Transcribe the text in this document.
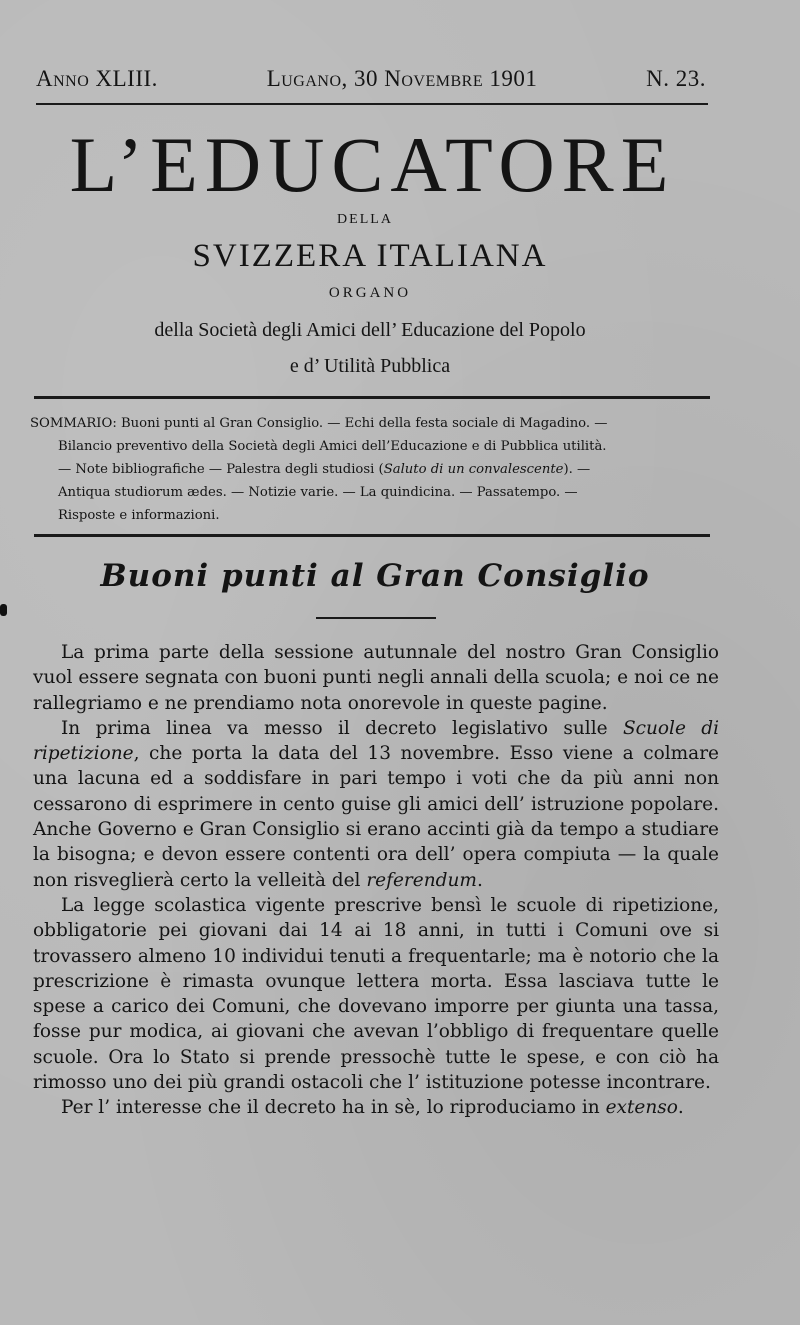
Anno XLIII.	Lugano, 30 Novembre 1901	N. 23.
L’EDUCATORE
DELLA
SVIZZERA ITALIANA
ORGANO
della Società degli Amici dell’ Educazione del Popolo
e d’ Utilità Pubblica
SOMMARIO: Buoni punti al Gran Consiglio. — Echi della festa sociale di Magadino. —
Bilancio preventivo della Società degli Amici dell’Educazione e di Pubblica utilità.
— Note bibliografiche — Palestra degli studiosi (Saluto di un convalescente). —
Antiqua studiorum ædes. — Notizie varie. — La quindicina. — Passatempo. —
Risposte e informazioni.
Buoni punti al Gran Consiglio

La prima parte della sessione autunnale del nostro Gran Consiglio vuol essere segnata con buoni punti negli annali della scuola; e noi ce ne rallegriamo e ne prendiamo nota onorevole in queste pagine.

In prima linea va messo il decreto legislativo sulle Scuole di ripetizione, che porta la data del 13 novembre. Esso viene a colmare una lacuna ed a soddisfare in pari tempo i voti che da più anni non cessarono di esprimere in cento guise gli amici dell’ istruzione popolare. Anche Governo e Gran Consiglio si erano accinti già da tempo a studiare la bisogna; e devon essere contenti ora dell’ opera compiuta — la quale non risveglierà certo la velleità del referendum.

La legge scolastica vigente prescrive bensì le scuole di ripetizione, obbligatorie pei giovani dai 14 ai 18 anni, in tutti i Comuni ove si trovassero almeno 10 individui tenuti a frequentarle; ma è notorio che la prescrizione è rimasta ovunque lettera morta. Essa lasciava tutte le spese a carico dei Comuni, che dovevano imporre per giunta una tassa, fosse pur modica, ai giovani che avevan l’obbligo di frequentare quelle scuole. Ora lo Stato si prende pressochè tutte le spese, e con ciò ha rimosso uno dei più grandi ostacoli che l’ istituzione potesse incontrare.

Per l’ interesse che il decreto ha in sè, lo riproduciamo in extenso.
